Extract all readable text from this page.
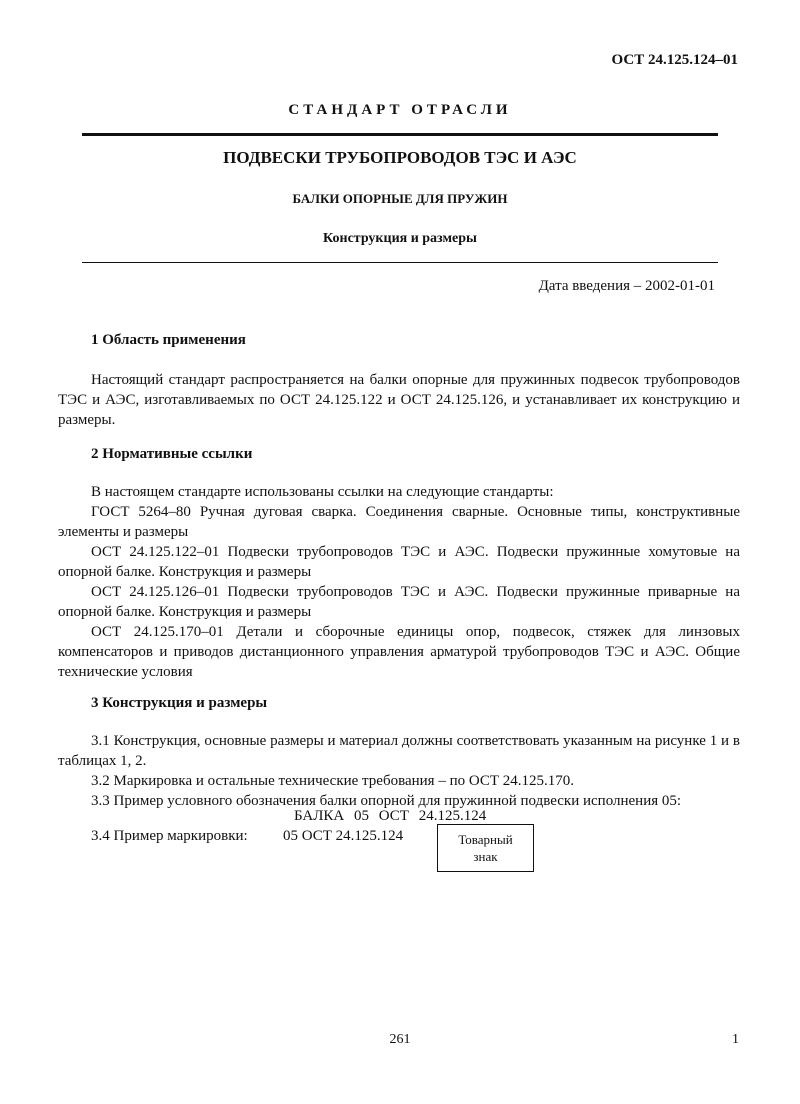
ОСТ 24.125.124–01
СТАНДАРТ ОТРАСЛИ
ПОДВЕСКИ ТРУБОПРОВОДОВ ТЭС И АЭС
БАЛКИ ОПОРНЫЕ ДЛЯ ПРУЖИН
Конструкция и размеры
Дата введения – 2002-01-01
1 Область применения

Настоящий стандарт распространяется на балки опорные для пружинных подвесок трубопроводов ТЭС и АЭС, изготавливаемых по ОСТ 24.125.122 и ОСТ 24.125.126, и устанавливает их конструкцию и размеры.

2 Нормативные ссылки

В настоящем стандарте использованы ссылки на следующие стандарты:

ГОСТ 5264–80 Ручная дуговая сварка. Соединения сварные. Основные типы, конструктивные элементы и размеры

ОСТ 24.125.122–01 Подвески трубопроводов ТЭС и АЭС. Подвески пружинные хомутовые на опорной балке. Конструкция и размеры

ОСТ 24.125.126–01 Подвески трубопроводов ТЭС и АЭС. Подвески пружинные приварные на опорной балке. Конструкция и размеры

ОСТ 24.125.170–01 Детали и сборочные единицы опор, подвесок, стяжек для линзовых компенсаторов и приводов дистанционного управления арматурой трубопроводов ТЭС и АЭС. Общие технические условия

3 Конструкция и размеры

3.1 Конструкция, основные размеры и материал должны соответствовать указанным на рисунке 1 и в таблицах 1, 2.

3.2 Маркировка и остальные технические требования – по ОСТ 24.125.170.

3.3 Пример условного обозначения балки опорной для пружинной подвески исполнения 05:

БАЛКА 05 ОСТ 24.125.124
3.4 Пример маркировки: 05 ОСТ 24.125.124	Товарный
знак
261	1
